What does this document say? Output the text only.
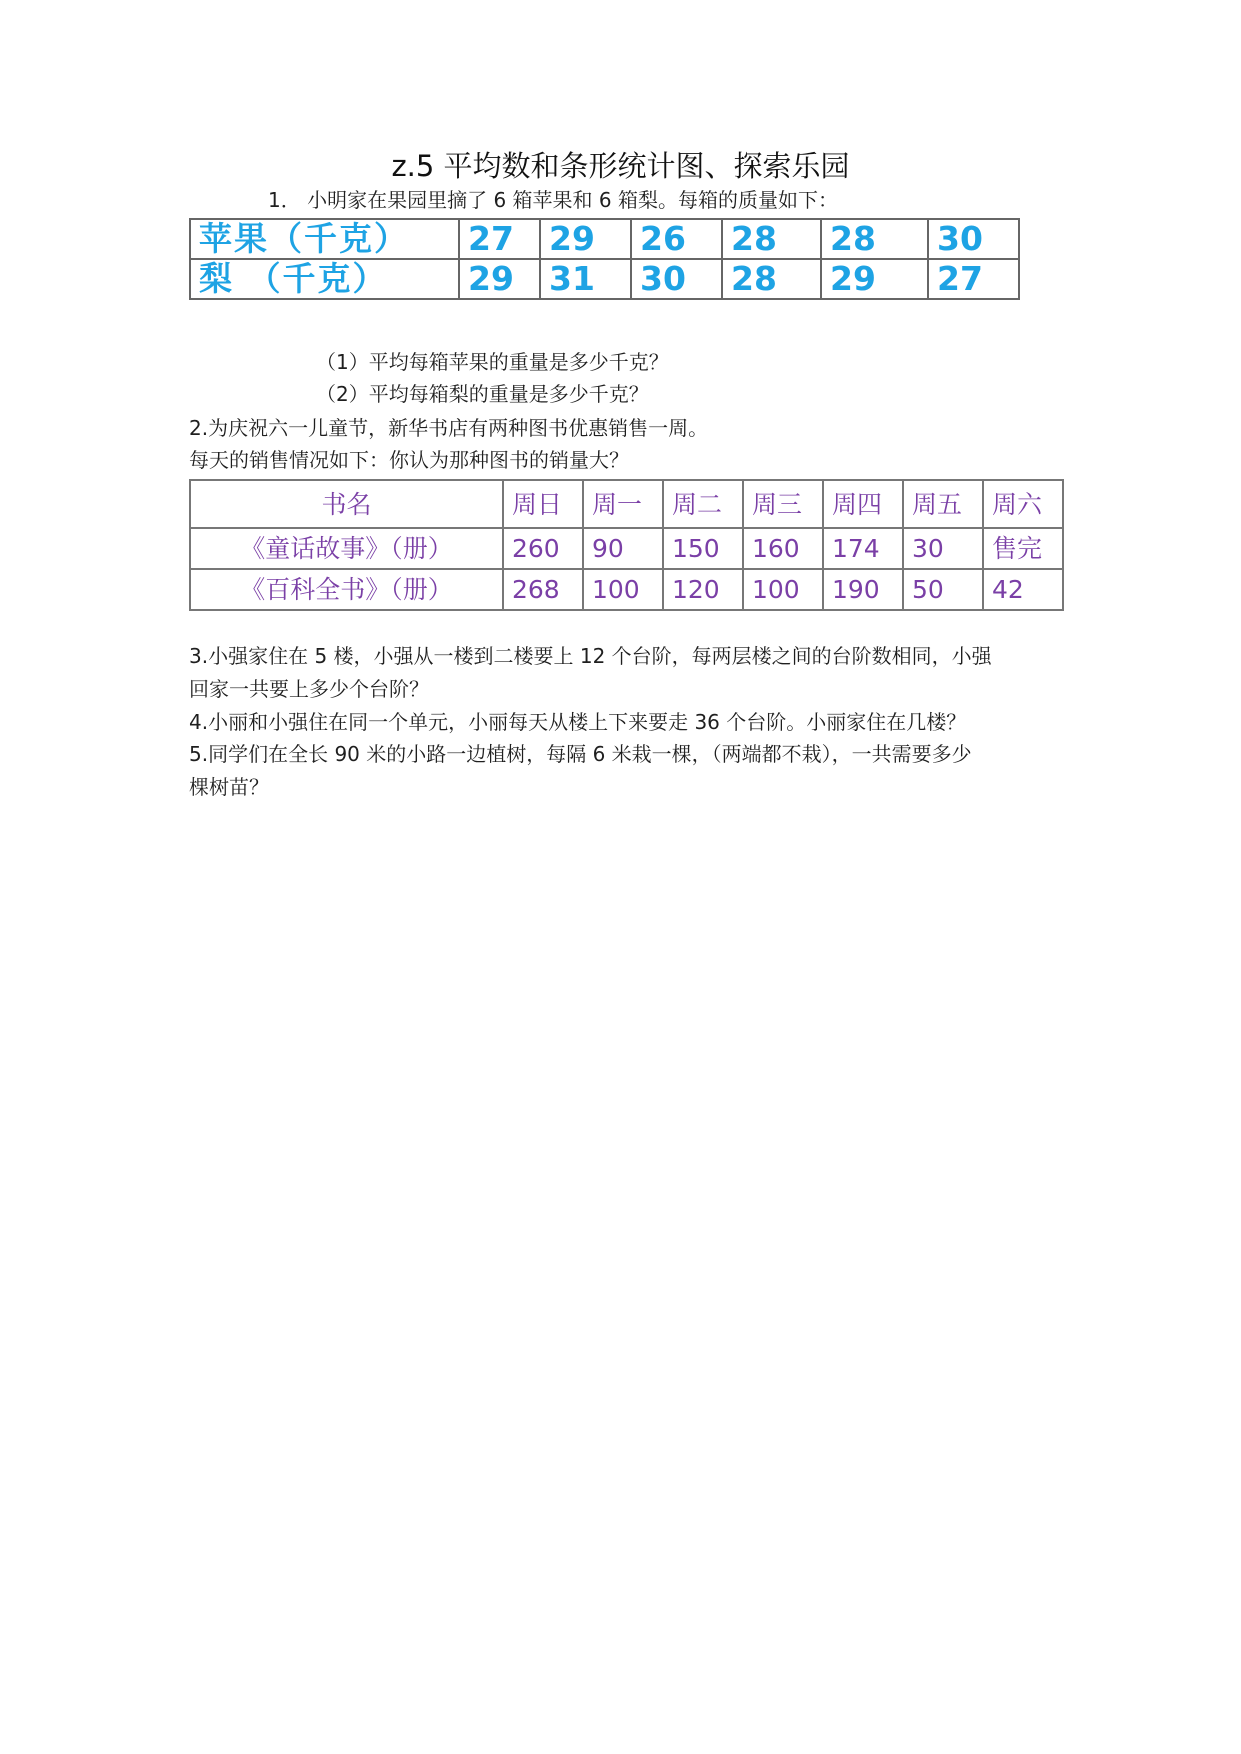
z.5 平均数和条形统计图、探索乐园
1． 小明家在果园里摘了 6 箱苹果和 6 箱梨。每箱的质量如下：
苹果（千克）	27	29	26	28	28	30
梨 （千克）	29	31	30	28	29	27
（1）平均每箱苹果的重量是多少千克？
（2）平均每箱梨的重量是多少千克？
2.为庆祝六一儿童节，新华书店有两种图书优惠销售一周。
每天的销售情况如下：你认为那种图书的销量大？
书名	周日	周一	周二	周三	周四	周五	周六
《童话故事》（册）	260	90	150	160	174	30	售完
《百科全书》（册）	268	100	120	100	190	50	42
3.小强家住在 5 楼，小强从一楼到二楼要上 12 个台阶，每两层楼之间的台阶数相同，小强
回家一共要上多少个台阶？
4.小丽和小强住在同一个单元，小丽每天从楼上下来要走 36 个台阶。小丽家住在几楼？
5.同学们在全长 90 米的小路一边植树，每隔 6 米栽一棵，（两端都不栽），一共需要多少
棵树苗？
